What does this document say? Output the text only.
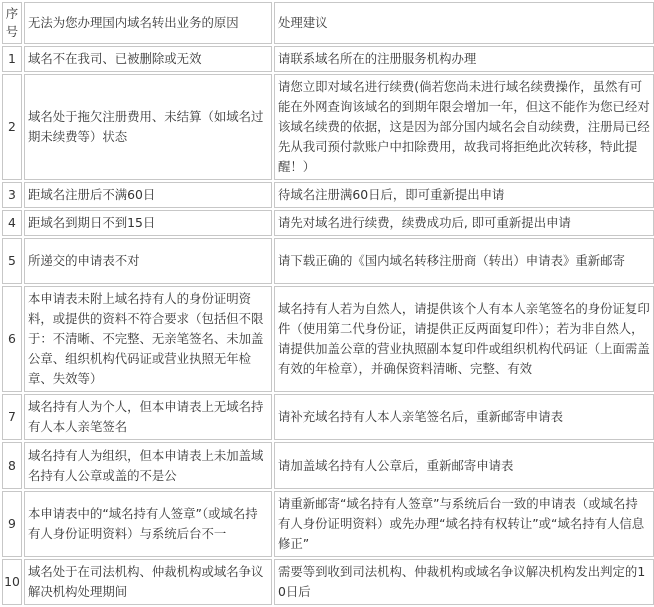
序号	无法为您办理国内域名转出业务的原因	处理建议
1	域名不在我司、已被删除或无效	请联系域名所在的注册服务机构办理
2	域名处于拖欠注册费用、未结算（如域名过期未续费等）状态	请您立即对域名进行续费(倘若您尚未进行域名续费操作，虽然有可能在外网查询该域名的到期年限会增加一年，但这不能作为您已经对该域名续费的依据，这是因为部分国内域名会自动续费，注册局已经先从我司预付款账户中扣除费用，故我司将拒绝此次转移，特此提醒！）
3	距域名注册后不满60日	待域名注册满60日后，即可重新提出申请
4	距域名到期日不到15日	请先对域名进行续费，续费成功后, 即可重新提出申请
5	所递交的申请表不对	请下载正确的《国内域名转移注册商（转出）申请表》重新邮寄
6	本申请表未附上域名持有人的身份证明资料，或提供的资料不符合要求（包括但不限于：不清晰、不完整、无亲笔签名、未加盖公章、组织机构代码证或营业执照无年检章、失效等）	域名持有人若为自然人，请提供该个人有本人亲笔签名的身份证复印件（使用第二代身份证，请提供正反两面复印件）；若为非自然人，请提供加盖公章的营业执照副本复印件或组织机构代码证（上面需盖有效的年检章），并确保资料清晰、完整、有效
7	域名持有人为个人，但本申请表上无域名持有人本人亲笔签名	请补充域名持有人本人亲笔签名后，重新邮寄申请表
8	域名持有人为组织，但本申请表上未加盖域名持有人公章或盖的不是公	请加盖域名持有人公章后，重新邮寄申请表
9	本申请表中的“域名持有人签章”（或域名持有人身份证明资料）与系统后台不一	请重新邮寄“域名持有人签章”与系统后台一致的申请表（或域名持有人身份证明资料）或先办理“域名持有权转让”或“域名持有人信息修正”
10	域名处于在司法机构、仲裁机构或域名争议解决机构处理期间	需要等到收到司法机构、仲裁机构或域名争议解决机构发出判定的10日后
